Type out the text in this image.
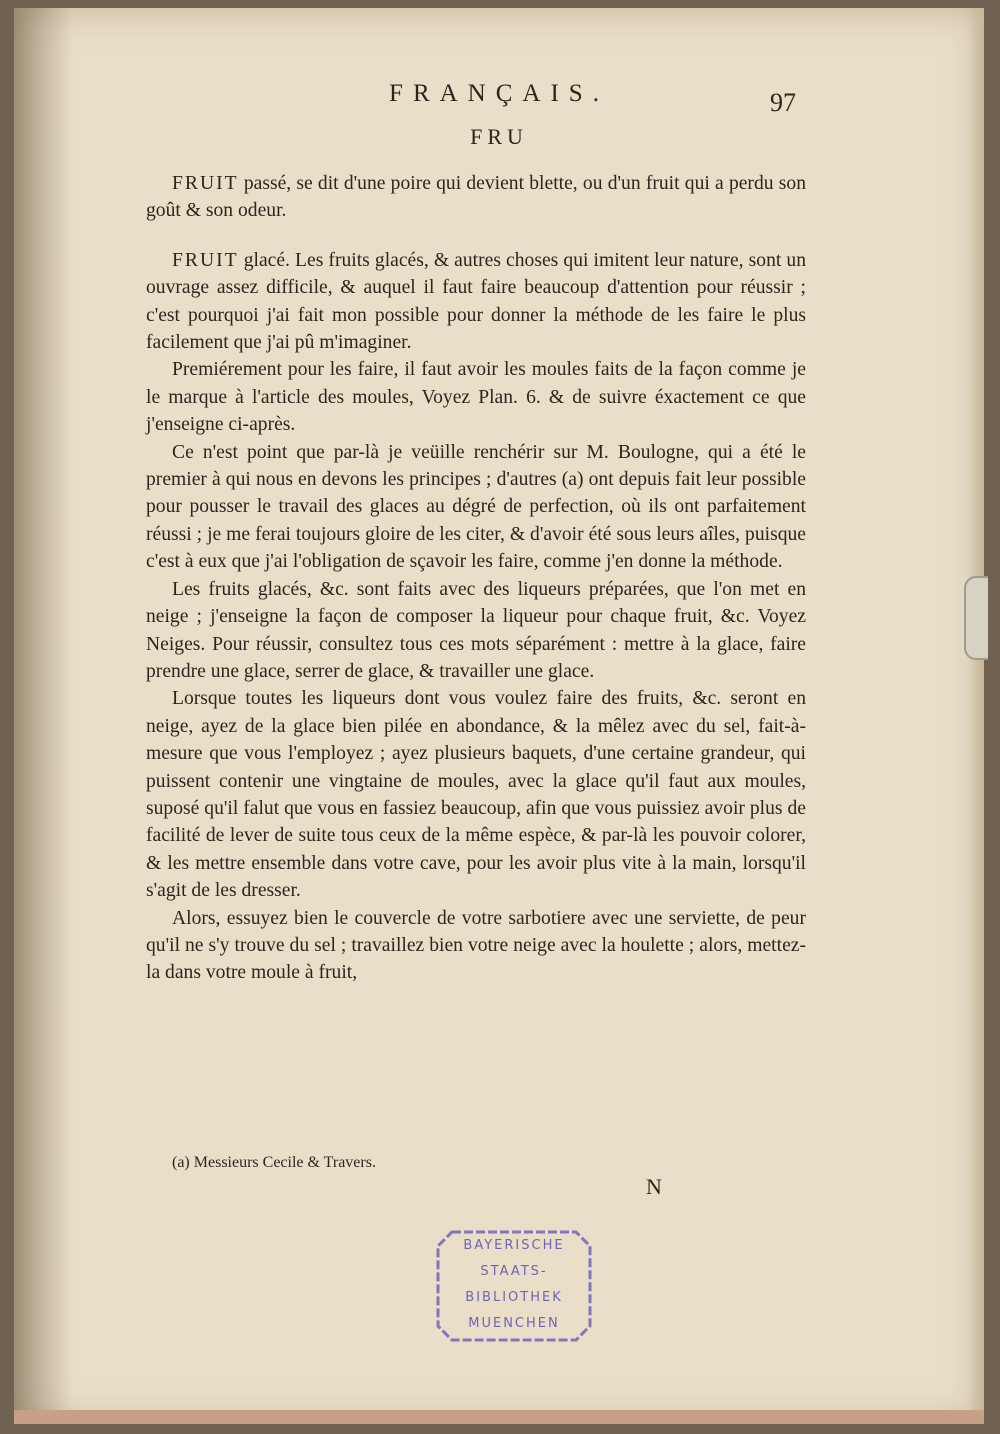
FRANÇAIS.	97
FRU

FRUIT passé, se dit d'une poire qui devient blette, ou d'un fruit qui a perdu son goût & son odeur.

FRUIT glacé. Les fruits glacés, & autres choses qui imitent leur nature, sont un ouvrage assez difficile, & auquel il faut faire beaucoup d'attention pour réussir ; c'est pourquoi j'ai fait mon possible pour donner la méthode de les faire le plus facilement que j'ai pû m'imaginer.

Premiérement pour les faire, il faut avoir les moules faits de la façon comme je le marque à l'article des moules, Voyez Plan. 6. & de suivre éxactement ce que j'enseigne ci-après.

Ce n'est point que par-là je veüille renchérir sur M. Boulogne, qui a été le premier à qui nous en devons les principes ; d'autres (a) ont depuis fait leur possible pour pousser le travail des glaces au dégré de perfection, où ils ont parfaitement réussi ; je me ferai toujours gloire de les citer, & d'avoir été sous leurs aîles, puisque c'est à eux que j'ai l'obligation de sçavoir les faire, comme j'en donne la méthode.

Les fruits glacés, &c. sont faits avec des liqueurs préparées, que l'on met en neige ; j'enseigne la façon de composer la liqueur pour chaque fruit, &c. Voyez Neiges. Pour réussir, consultez tous ces mots séparément : mettre à la glace, faire prendre une glace, serrer de glace, & travailler une glace.

Lorsque toutes les liqueurs dont vous voulez faire des fruits, &c. seront en neige, ayez de la glace bien pilée en abondance, & la mêlez avec du sel, fait-à-mesure que vous l'employez ; ayez plusieurs baquets, d'une certaine grandeur, qui puissent contenir une vingtaine de moules, avec la glace qu'il faut aux moules, suposé qu'il falut que vous en fassiez beaucoup, afin que vous puissiez avoir plus de facilité de lever de suite tous ceux de la même espèce, & par-là les pouvoir colorer, & les mettre ensemble dans votre cave, pour les avoir plus vite à la main, lorsqu'il s'agit de les dresser.

Alors, essuyez bien le couvercle de votre sarbotiere avec une serviette, de peur qu'il ne s'y trouve du sel ; travaillez bien votre neige avec la houlette ; alors, mettez-la dans votre moule à fruit,

(a) Messieurs Cecile & Travers.
N
BAYERISCHE
STAATS-
BIBLIOTHEK
MUENCHEN
